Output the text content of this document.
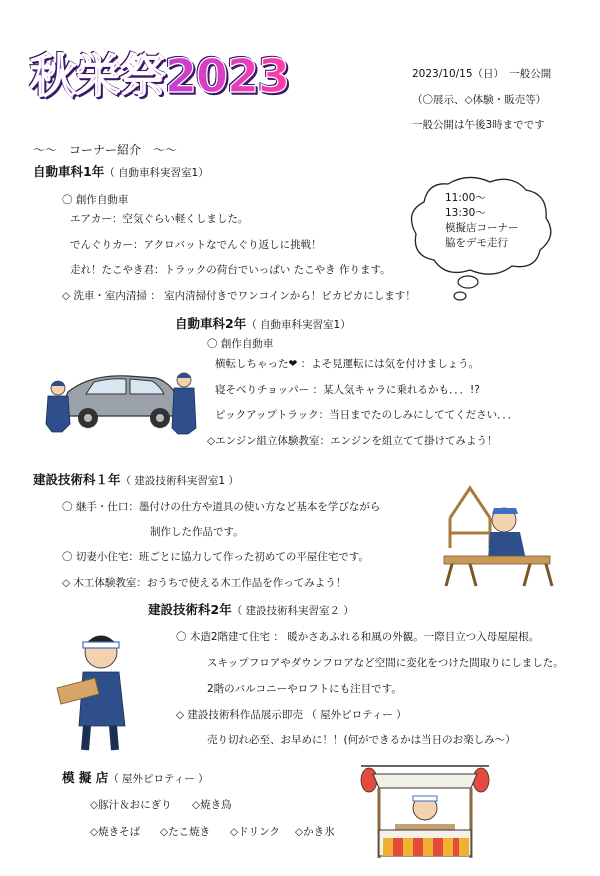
秋栄祭2023	2023/10/15（日）　一般公開
（〇展示、◇体験・販売等）
一般公開は午後3時までです
〜〜　コーナー紹介　〜〜
11:00〜
13:30〜
模擬店コーナー
脇をデモ走行
自動車科1年（ 自動車科実習室1）
〇 創作自動車
エアカー：空気ぐらい軽くしました。
でんぐりカー：アクロバットなでんぐり返しに挑戦！
走れ！たこやき君：トラックの荷台でいっぱい たこやき 作ります。
◇ 洗車・室内清掃 ： 室内清掃付きでワンコインから！ピカピカにします！
自動車科2年（ 自動車科実習室1）
〇 創作自動車
横転しちゃった❤ ：よそ見運転には気を付けましょう。
寝そべりチョッパー ：某人気キャラに乗れるかも．．．!?
ピックアップトラック：当日までたのしみにしててください．．．
◇エンジン組立体験教室：エンジンを組立てて掛けてみよう！
建設技術科１年（ 建設技術科実習室1 ）
〇 継手・仕口：墨付けの仕方や道具の使い方など基本を学びながら
制作した作品です。
〇 切妻小住宅：班ごとに協力して作った初めての平屋住宅です。
◇ 木工体験教室：おうちで使える木工作品を作ってみよう！
建設技術科2年（ 建設技術科実習室２ ）
〇 木造2階建て住宅 ： 暖かさあふれる和風の外観。一際目立つ入母屋屋根。
スキップフロアやダウンフロアなど空間に変化をつけた間取りにしました。
2階のバルコニーやロフトにも注目です。
◇ 建設技術科作品展示即売 （ 屋外ピロティー ）
売り切れ必至、お早めに！！(何ができるかは当日のお楽しみ〜）
模 擬 店（ 屋外ピロティー ）
◇豚汁＆おにぎり ◇焼き鳥
◇焼きそば ◇たこ焼き ◇ドリンク ◇かき氷
